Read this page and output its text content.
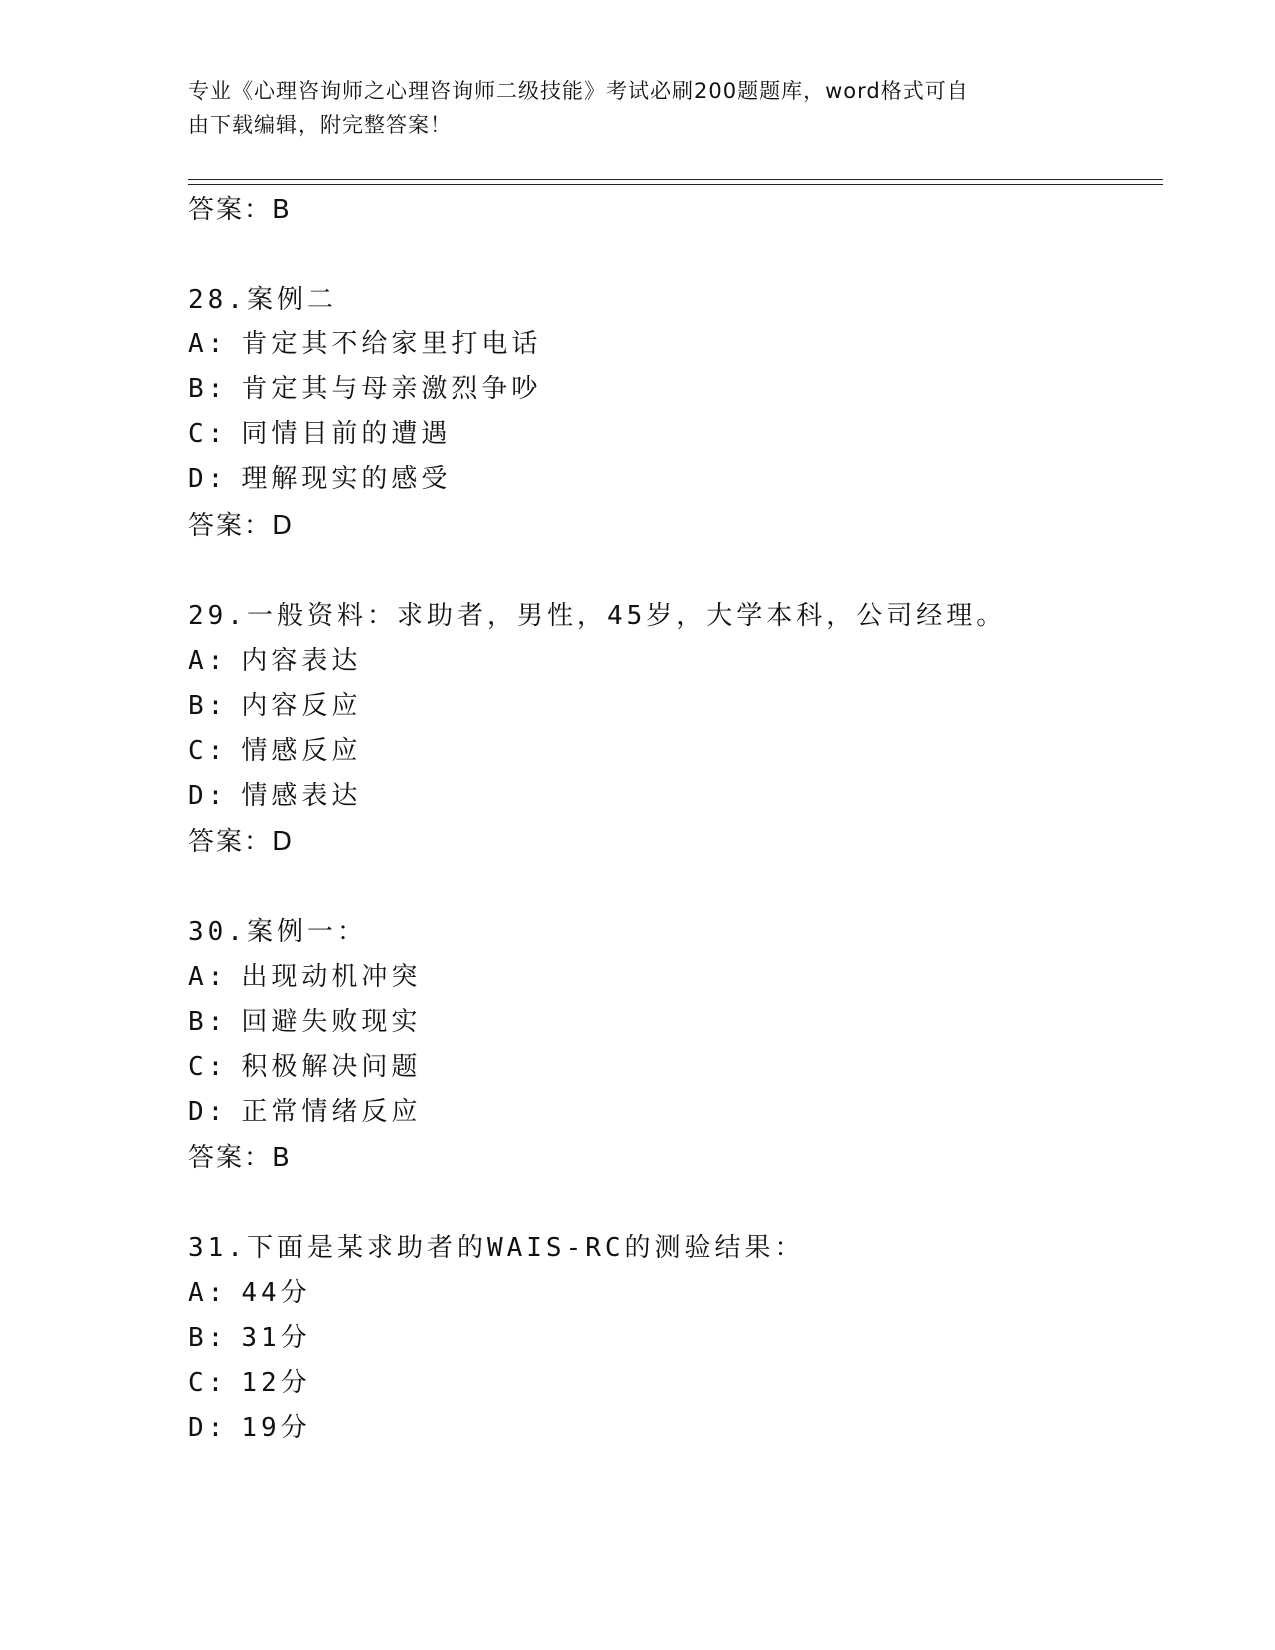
专业《心理咨询师之心理咨询师二级技能》考试必刷200题题库，word格式可自
由下载编辑，附完整答案！
答案：B
28.案例二
A: 肯定其不给家里打电话
B: 肯定其与母亲激烈争吵
C: 同情目前的遭遇
D: 理解现实的感受
答案：D
29.一般资料：求助者，男性，45岁，大学本科，公司经理。
A: 内容表达
B: 内容反应
C: 情感反应
D: 情感表达
答案：D
30.案例一：
A: 出现动机冲突
B: 回避失败现实
C: 积极解决问题
D: 正常情绪反应
答案：B
31.下面是某求助者的WAIS-RC的测验结果：
A: 44分
B: 31分
C: 12分
D: 19分
